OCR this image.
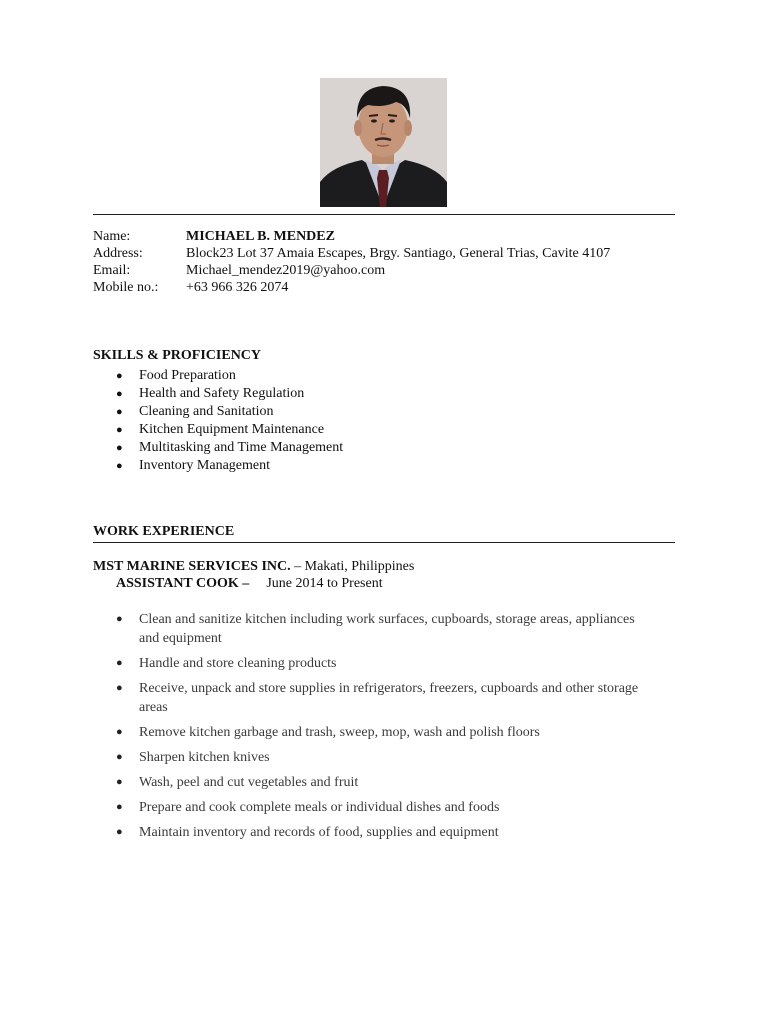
Name:	MICHAEL B. MENDEZ
Address:	Block23 Lot 37 Amaia Escapes, Brgy. Santiago, General Trias, Cavite 4107
Email:	Michael_mendez2019@yahoo.com
Mobile no.: +63 966 326 2074
SKILLS & PROFICIENCY
● Food Preparation
● Health and Safety Regulation
● Cleaning and Sanitation
● Kitchen Equipment Maintenance
● Multitasking and Time Management
● Inventory Management
WORK EXPERIENCE
MST MARINE SERVICES INC. – Makati, Philippines
ASSISTANT COOK – June 2014 to Present
● Clean and sanitize kitchen including work surfaces, cupboards, storage areas, appliances and equipment
● Handle and store cleaning products
● Receive, unpack and store supplies in refrigerators, freezers, cupboards and other storage areas
● Remove kitchen garbage and trash, sweep, mop, wash and polish floors
● Sharpen kitchen knives
● Wash, peel and cut vegetables and fruit
● Prepare and cook complete meals or individual dishes and foods
● Maintain inventory and records of food, supplies and equipment
